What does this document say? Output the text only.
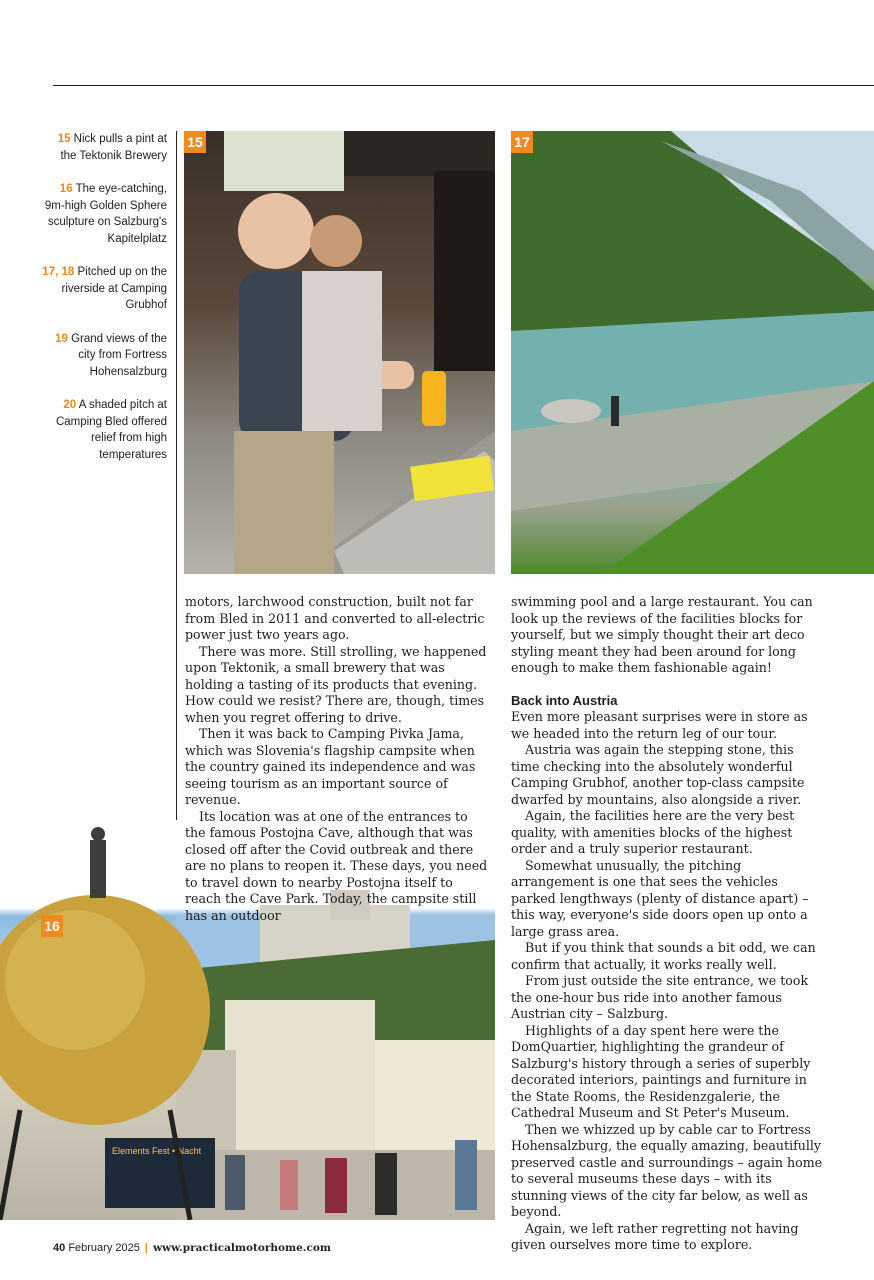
15 Nick pulls a pint at the Tektonik Brewery

16 The eye-catching, 9m-high Golden Sphere sculpture on Salzburg's Kapitelplatz

17, 18 Pitched up on the riverside at Camping Grubhof

19 Grand views of the city from Fortress Hohensalzburg

20 A shaded pitch at Camping Bled offered relief from high temperatures

15	17
Elements Fest • Nacht
16

motors, larchwood construction, built not far from Bled in 2011 and converted to all-electric power just two years ago.

There was more. Still strolling, we happened upon Tektonik, a small brewery that was holding a tasting of its products that evening. How could we resist? There are, though, times when you regret offering to drive.

Then it was back to Camping Pivka Jama, which was Slovenia's flagship campsite when the country gained its independence and was seeing tourism as an important source of revenue.

Its location was at one of the entrances to the famous Postojna Cave, although that was closed off after the Covid outbreak and there are no plans to reopen it. These days, you need to travel down to nearby Postojna itself to reach the Cave Park. Today, the campsite still has an outdoor

swimming pool and a large restaurant. You can look up the reviews of the facilities blocks for yourself, but we simply thought their art deco styling meant they had been around for long enough to make them fashionable again!

Back into Austria

Even more pleasant surprises were in store as we headed into the return leg of our tour.

Austria was again the stepping stone, this time checking into the absolutely wonderful Camping Grubhof, another top-class campsite dwarfed by mountains, also alongside a river.

Again, the facilities here are the very best quality, with amenities blocks of the highest order and a truly superior restaurant.

Somewhat unusually, the pitching arrangement is one that sees the vehicles parked lengthways (plenty of distance apart) – this way, everyone's side doors open up onto a large grass area.

But if you think that sounds a bit odd, we can confirm that actually, it works really well.

From just outside the site entrance, we took the one-hour bus ride into another famous Austrian city – Salzburg.

Highlights of a day spent here were the DomQuartier, highlighting the grandeur of Salzburg's history through a series of superbly decorated interiors, paintings and furniture in the State Rooms, the Residenzgalerie, the Cathedral Museum and St Peter's Museum.

Then we whizzed up by cable car to Fortress Hohensalzburg, the equally amazing, beautifully preserved castle and surroundings – again home to several museums these days – with its stunning views of the city far below, as well as beyond.

Again, we left rather regretting not having given ourselves more time to explore.

40 February 2025 | www.practicalmotorhome.com
